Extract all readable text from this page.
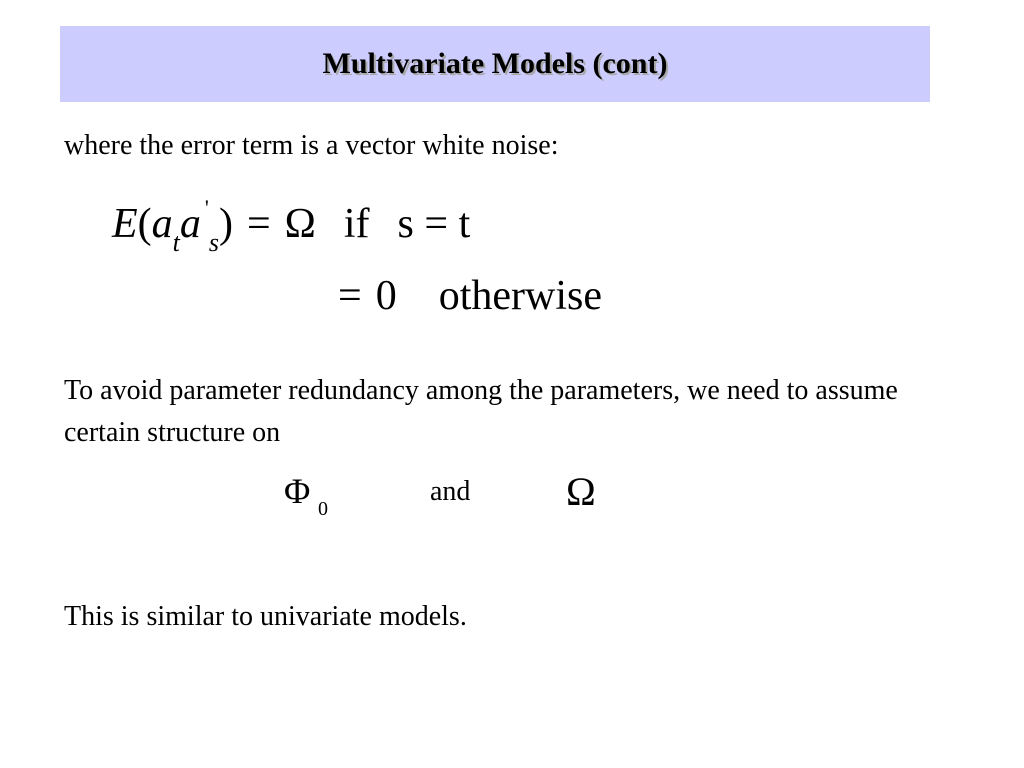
Multivariate Models (cont)
where the error term is a vector white noise:
$E(a_ta$ '$_s$) = Ω if s = t
= 0 otherwise
To avoid parameter redundancy among the parameters, we need to assume certain structure on
Φ 0
and Ω
This is similar to univariate models.
